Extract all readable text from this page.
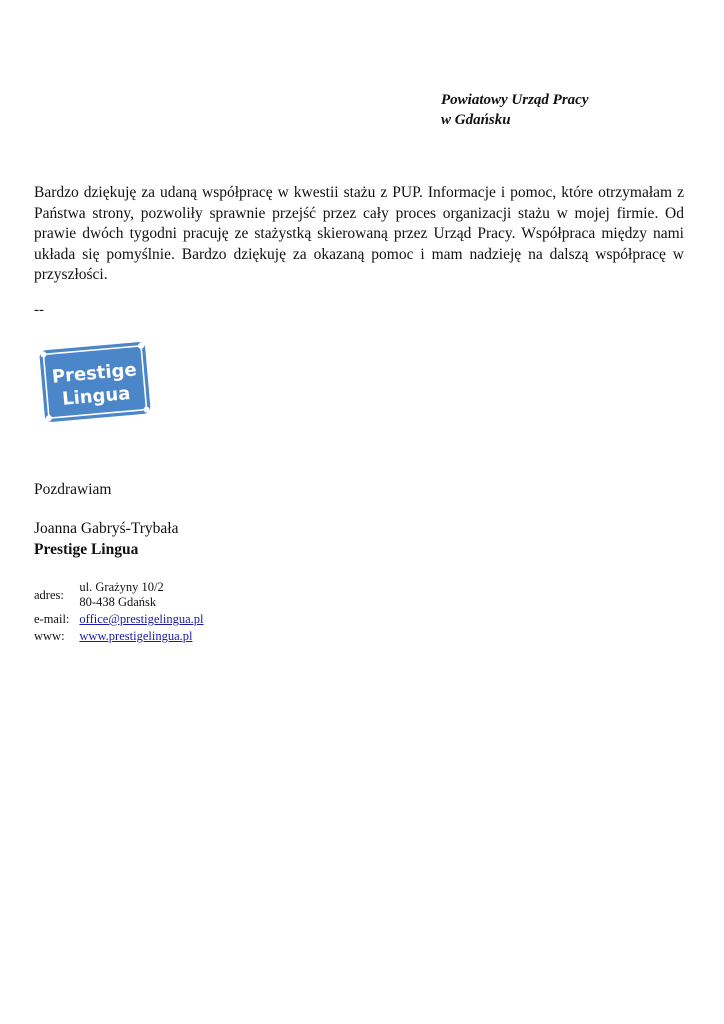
Powiatowy Urząd Pracy
w Gdańsku

Bardzo dziękuję za udaną współpracę w kwestii stażu z PUP. Informacje i pomoc, które otrzymałam z Państwa strony, pozwoliły sprawnie przejść przez cały proces organizacji stażu w mojej firmie. Od prawie dwóch tygodni pracuję ze stażystką skierowaną przez Urząd Pracy. Współpraca między nami układa się pomyślnie. Bardzo dziękuję za okazaną pomoc i mam nadzieję na dalszą współpracę w przyszłości.

--
Prestige
Lingua
Pozdrawiam
Joanna Gabryś-Trybała
Prestige Lingua
adres:	ul. Grażyny 10/2
80-438 Gdańsk

e-mail:	office@prestigelingua.pl
www:	www.prestigelingua.pl
